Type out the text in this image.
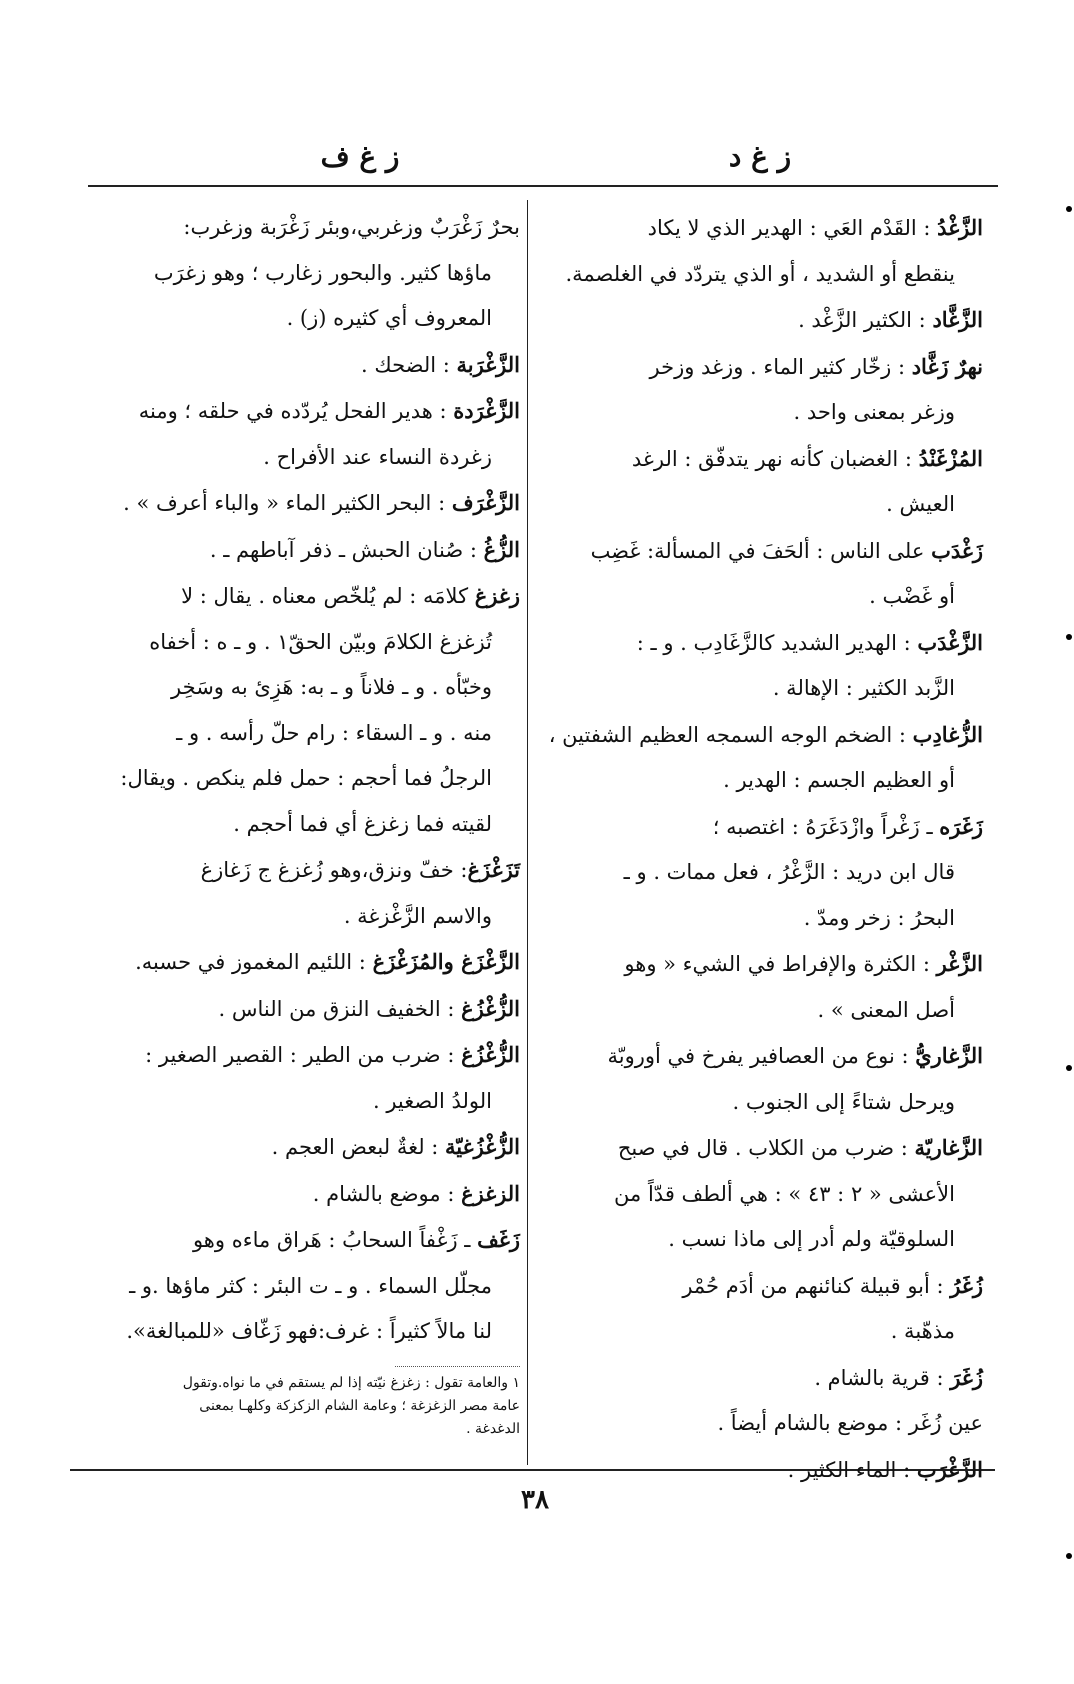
ز غ د
ز غ ف
الزَّغْدُ : القَدْم العَي : الهدير الذي لا يكاد
ينقطع أو الشديد ، أو الذي يتردّد في الغلصمة.
الزَّغَّاد : الكثير الزَّغْد .
نهرٌ زَغَّاد : زخّار كثير الماء . وزغد وزخر
وزغر بمعنى واحد .
المُزْغَنْدُ : الغضبان كأنه نهر يتدفّق : الرغد
العيش .
زَغْدَب على الناس : ألحَفَ في المسألة: غَضِب
أو غَضْب .
الزَّغْدَب : الهدير الشديد كالزَّغَادِب . و ـ :
الزَّبد الكثير : الإهالة .
الزُّغادِب : الضخم الوجه السمجه العظيم الشفتين ،
أو العظيم الجسم : الهدير .
زَغَرَه ـ زَغْراً وازْدَغَرَهُ : اغتصبه ؛
قال ابن دريد : الزَّغْرُ ، فعل ممات . و ـ
البحرُ : زخر ومدّ .
الزَّغْر : الكثرة والإفراط في الشيء « وهو
أصل المعنى » .
الزَّغاريُّ : نوع من العصافير يفرخ في أوروبّة
ويرحل شتاءً إلى الجنوب .
الزَّغاريّة : ضرب من الكلاب . قال في صبح
الأعشى « ٢ : ٤٣ » : هي ألطف قدّاً من
السلوقيّة ولم أدر إلى ماذا نسب .
زُغَرُ : أبو قبيلة كنائنهم من أدَم حُمْر
مذهّبة .
زُغَرَ : قرية بالشام .
عين زُغَر : موضع بالشام أيضاً .
الزَّغْرَب : الماء الكثير .
بحرٌ زَغْرَبٌ وزغربي،وبئر زَغْرَبة وزغرب:
ماؤها كثير. والبحور زغارب ؛ وهو زغرَب
المعروف أي كثيره (ز) .
الزَّغْرَبة : الضحك .
الزَّغْرَدة : هدير الفحل يُردّده في حلقه ؛ ومنه
زغردة النساء عند الأفراح .
الزَّغْرَف : البحر الكثير الماء « والباء أعرف » .
الزُّغُ : صُنان الحبش ـ ذفر آباطهم ـ .
زغزغ كلامَه : لم يُلخّص معناه . يقال : لا
تُزغزغ الكلامَ وبيّن الحقّ١ . و ـ ه : أخفاه
وخبّأه . و ـ فلاناً و ـ به: هَزِئ به وسَخِر
منه . و ـ السقاء : رام حلّ رأسه . و ـ
الرجلُ فما أحجم : حمل فلم ينكص . ويقال:
لقيته فما زغزغ أي فما أحجم .
تَزَغْزَغ: خفّ ونزق،وهو زُغزغ ج زَغازغ
والاسم الزَّغْزغة .
الزَّغْزَغ والمُزَغْزَغ : اللئيم المغموز في حسبه.
الزُّغْزُغ : الخفيف النزق من الناس .
الزُّغْزُغ : ضرب من الطير : القصير الصغير :
الولدُ الصغير .
الزُّغْزُغيّة : لغةٌ لبعض العجم .
الزغزغ : موضع بالشام .
زَغَف ـ زَغْفاً السحابُ : هَراق ماءه وهو
مجلّل السماء . و ـ ت البئر : كثر ماؤها .و ـ
لنا مالاً كثيراً : غرف:فهو زَغّاف «للمبالغة».
١ والعامة تقول : زغزغ نيّته إذا لم يستقم في ما نواه.وتقول
عامة مصر الزغزغة ؛ وعامة الشام الزكزكة وكلهـا بمعنى
الدغدغة .
٣٨
